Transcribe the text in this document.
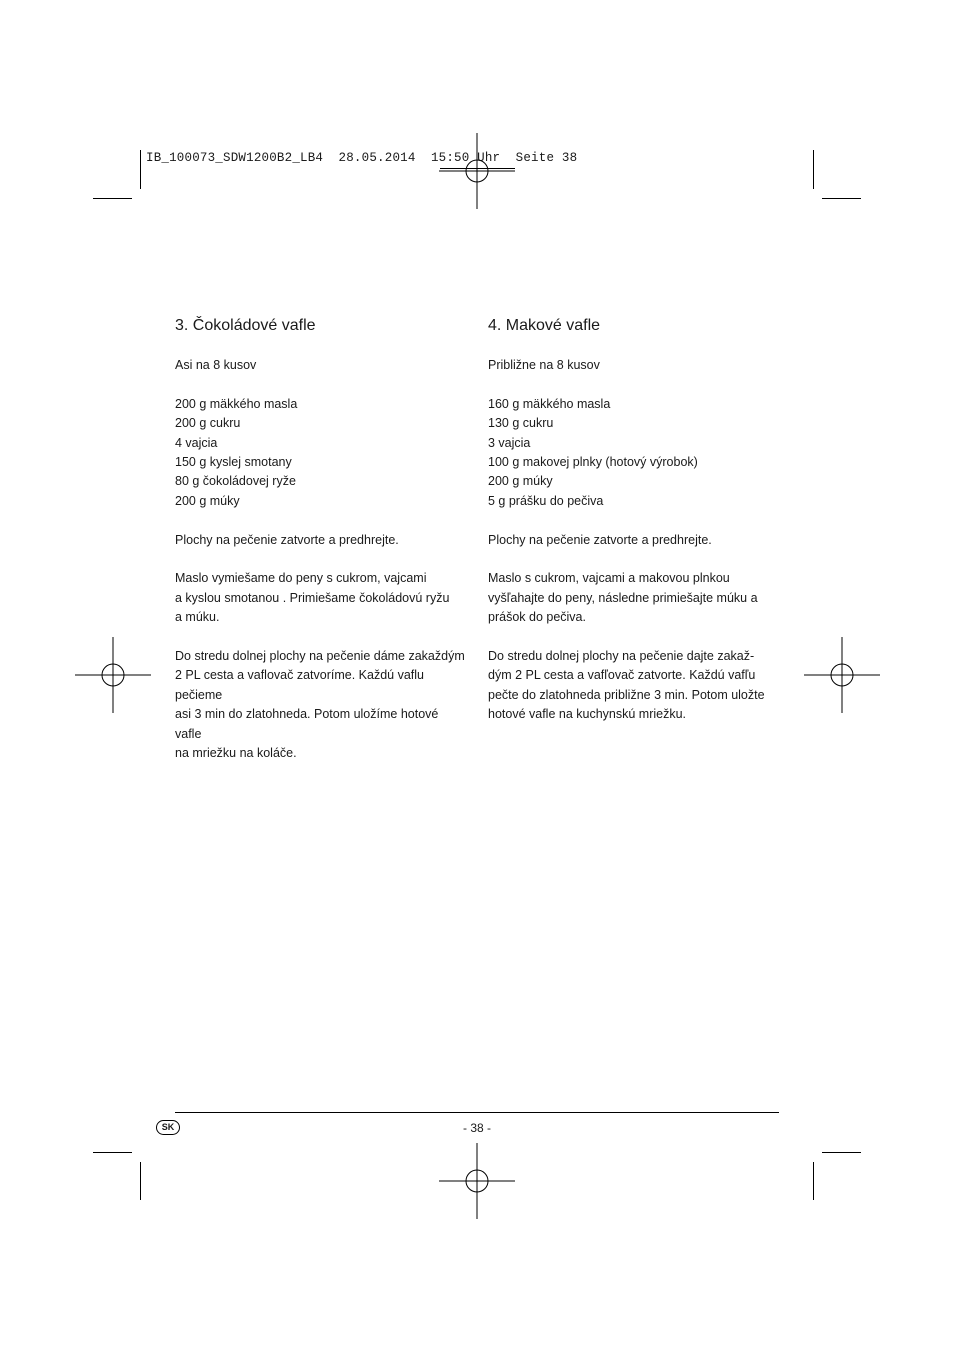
IB_100073_SDW1200B2_LB4  28.05.2014  15:50 Uhr  Seite 38
3. Čokoládové vafle

Asi na 8 kusov

200 g mäkkého masla

200 g cukru

4 vajcia

150 g kyslej smotany

80 g čokoládovej ryže

200 g múky

Plochy na pečenie zatvorte a predhrejte.

Maslo vymiešame do peny s cukrom, vajcami

a kyslou smotanou . Primiešame čokoládovú ryžu

a múku.

Do stredu dolnej plochy na pečenie dáme zakaždým

2 PL cesta a vaflovač zatvoríme. Každú vaflu pečieme

asi 3 min do zlatohneda. Potom uložíme hotové vafle

na mriežku na koláče.

4. Makové vafle

Približne na 8 kusov

160 g mäkkého masla

130 g cukru

3 vajcia

100 g makovej plnky (hotový výrobok)

200 g múky

5 g prášku do pečiva

Plochy na pečenie zatvorte a predhrejte.

Maslo s cukrom, vajcami a makovou plnkou

vyšľahajte do peny, následne primiešajte múku a

prášok do pečiva.

Do stredu dolnej plochy na pečenie dajte zakaž-

dým 2 PL cesta a vafľovač zatvorte. Každú vafľu

pečte do zlatohneda približne 3 min. Potom uložte

hotové vafle na kuchynskú mriežku.

SK	- 38 -
